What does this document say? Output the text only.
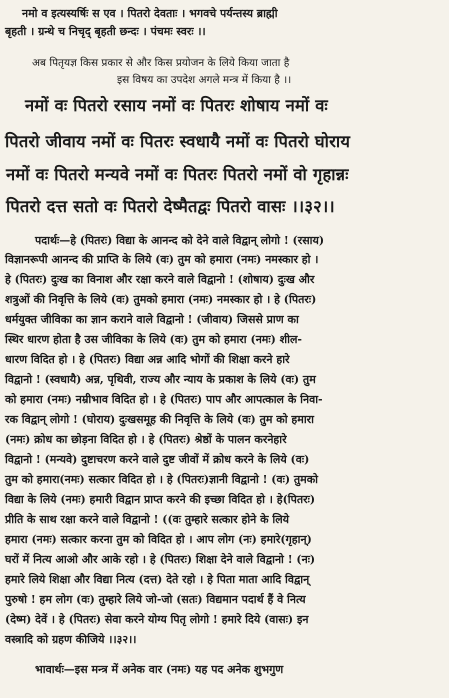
नमो व इत्यस्यर्षिः स एव । पितरो देवताः । भगवचे पर्यन्तस्य ब्राह्मी
बृहती । ग्रन्थे च निचृद् बृहती छन्दः । पंचमः स्वरः ।।
अब पितृयज्ञ किस प्रकार से और किस प्रयोजन के लिये किया जाता है
इस विषय का उपदेश अगले मन्त्र में किया है ।।
नमों वः पितरो रसाय नमों वः पितरः शोषाय नमों वः
पितरो जीवाय नमों वः पितरः स्वधायै नमों वः पितरो घोराय
नमों वः पितरो मन्यवे नमों वः पितरः पितरो नमों वो गृहान्नः
पितरो दत्त सतो वः पितरो देष्मैतद्वः पितरो वासः ।।३२।।
पदार्थः—हे (पितरः) विद्या के आनन्द को देने वाले विद्वान् लोगो ! (रसाय)
विज्ञानरूपी आनन्द की प्राप्ति के लिये (वः) तुम को हमारा (नमः) नमस्कार हो ।
हे (पितरः) दुःख का विनाश और रक्षा करने वाले विद्वानो ! (शोषाय) दुःख और
शत्रुओं की निवृत्ति के लिये (वः) तुमको हमारा (नमः) नमस्कार हो । हे (पितरः)
धर्मयुक्त जीविका का ज्ञान कराने वाले विद्वानो ! (जीवाय) जिससे प्राण का
स्थिर धारण होता है उस जीविका के लिये (वः) तुम को हमारा (नमः) शील-
धारण विदित हो । हे (पितरः) विद्या अन्न आदि भोगों की शिक्षा करने हारे
विद्वानो ! (स्वधायै) अन्न, पृथिवी, राज्य और न्याय के प्रकाश के लिये (वः) तुम
को हमारा (नमः) नम्रीभाव विदित हो । हे (पितरः) पाप और आपत्काल के निवा-
रक विद्वान् लोगो ! (घोराय) दुःखसमूह की निवृत्ति के लिये (वः) तुम को हमारा
(नमः) क्रोध का छोड़ना विदित हो । हे (पितरः) श्रेष्ठों के पालन करनेहारे
विद्वानो ! (मन्यवे) दुष्टाचरण करने वाले दुष्ट जीवों में क्रोध करने के लिये (वः)
तुम को हमारा(नमः) सत्कार विदित हो । हे (पितरः)ज्ञानी विद्वानो ! (वः) तुमको
विद्या के लिये (नमः) हमारी विद्वान प्राप्त करने की इच्छा विदित हो । हे(पितरः)
प्रीति के साथ रक्षा करने वाले विद्वानो ! ((वः तुम्हारे सत्कार होने के लिये
हमारा (नमः) सत्कार करना तुम को विदित हो । आप लोग (नः) हमारे(गृहान्)
घरों में नित्य आओ और आके रहो । हे (पितरः) शिक्षा देने वाले विद्वानो ! (नः)
हमारे लिये शिक्षा और विद्या नित्य (दत्त) देते रहो । हे पिता माता आदि विद्वान्
पुरुषो ! हम लोग (वः) तुम्हारे लिये जो-जो (सतः) विद्यमान पदार्थ हैं वे नित्य
(देष्म) देवें । हे (पितरः) सेवा करने योग्य पितृ लोगो ! हमारे दिये (वासः) इन
वस्त्रादि को ग्रहण कीजिये ।।३२।।
भावार्थः—इस मन्त्र में अनेक वार (नमः) यह पद अनेक शुभगुण
